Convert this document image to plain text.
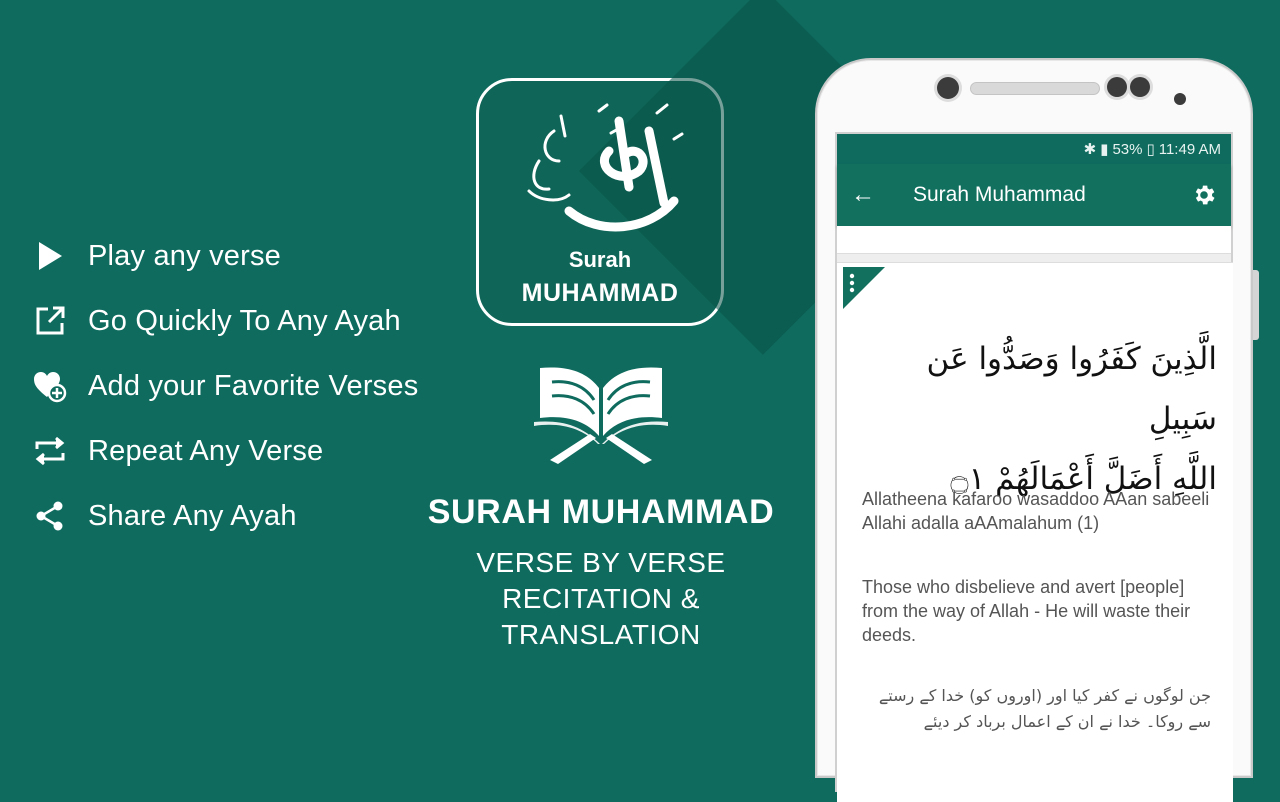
Play any verse
Go Quickly To Any Ayah
Add your Favorite Verses
Repeat Any Verse
Share Any Ayah
Surah
MUHAMMAD
SURAH MUHAMMAD
VERSE BY VERSE
RECITATION &
TRANSLATION
✱ ▮ 53% ▯ 11:49 AM
← Surah Muhammad
الَّذِينَ كَفَرُوا وَصَدُّوا عَن سَبِيلِ
اللَّهِ أَضَلَّ أَعْمَالَهُمْ ۝١
Allatheena kafaroo wasaddoo AAan sabeeli Allahi adalla aAAmalahum (1)
Those who disbelieve and avert [people] from the way of Allah - He will waste their deeds.
جن لوگوں نے کفر کیا اور (اوروں کو) خدا کے رستے سے روکا۔ خدا نے ان کے اعمال برباد کر دیئے
